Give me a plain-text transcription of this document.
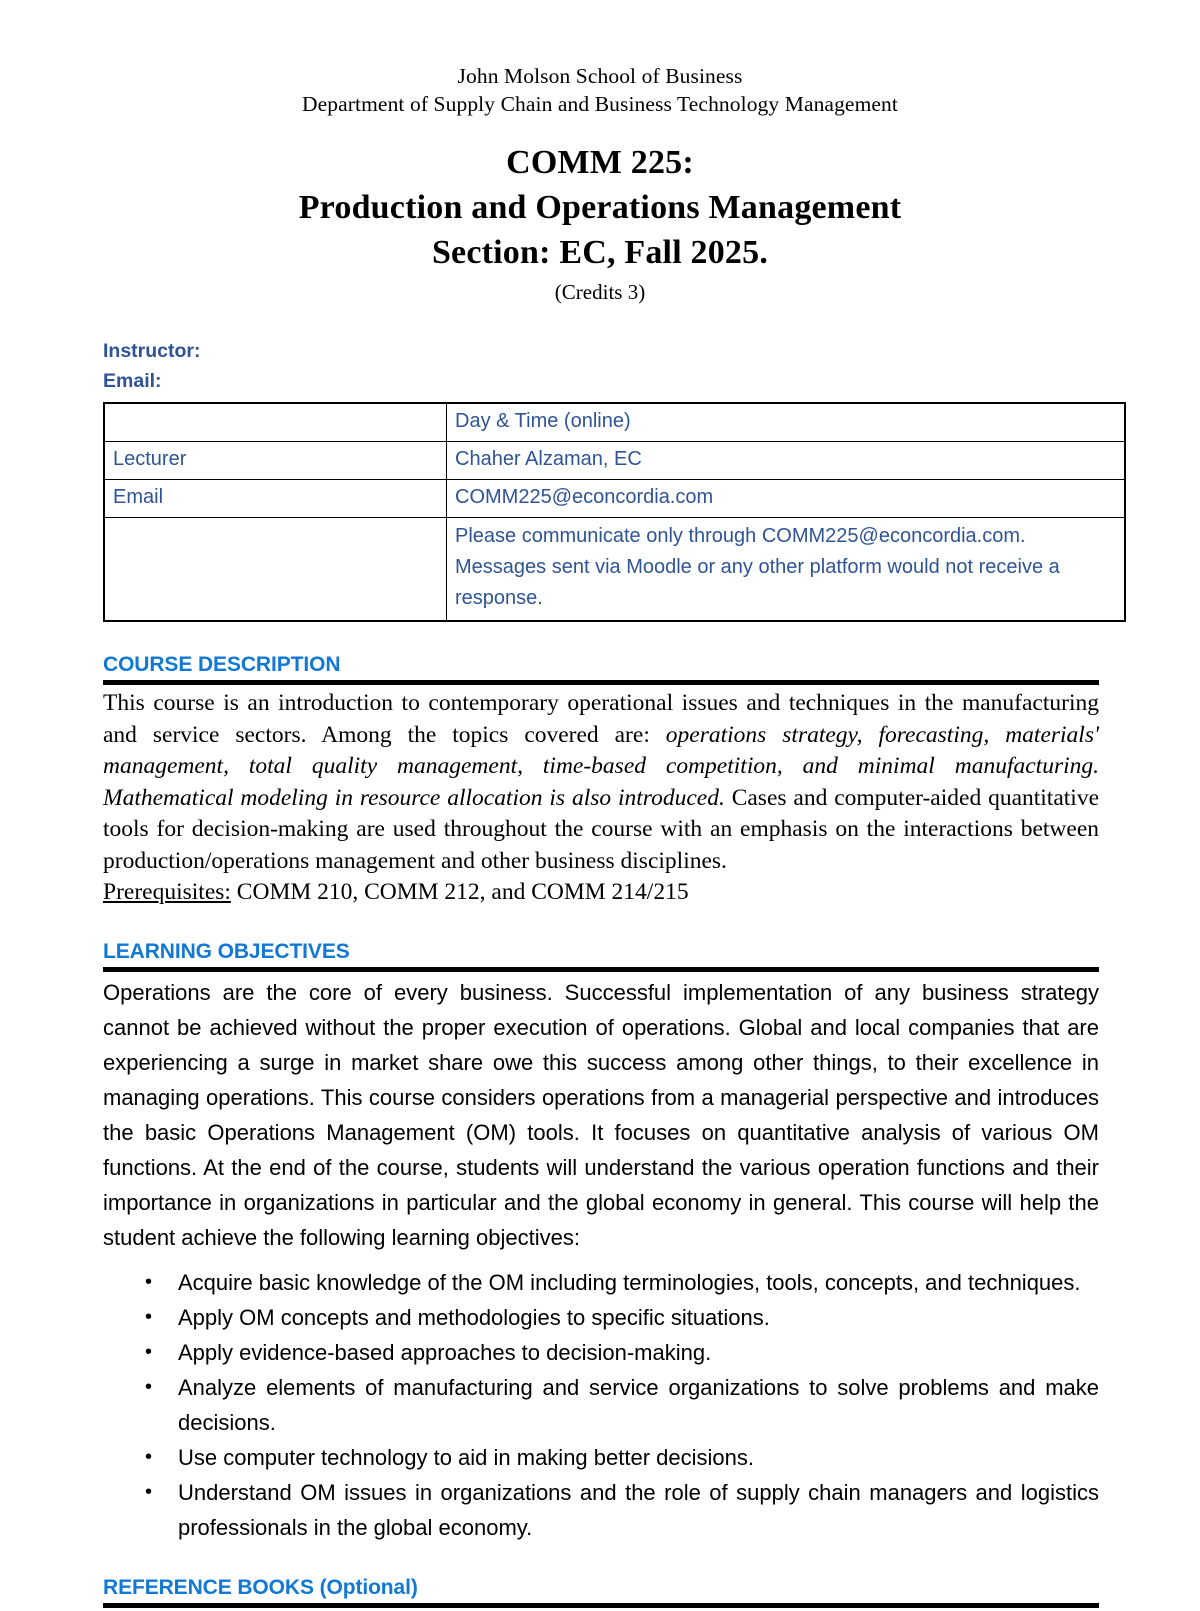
John Molson School of Business
Department of Supply Chain and Business Technology Management
COMM 225:
Production and Operations Management
Section: EC, Fall 2025.
(Credits 3)
Instructor:
Email:
	Day & Time (online)
Lecturer	Chaher Alzaman, EC
Email	COMM225@econcordia.com
	Please communicate only through COMM225@econcordia.com. Messages sent via Moodle or any other platform would not receive a response.
COURSE DESCRIPTION
This course is an introduction to contemporary operational issues and techniques in the manufacturing and service sectors. Among the topics covered are: operations strategy, forecasting, materials' management, total quality management, time-based competition, and minimal manufacturing. Mathematical modeling in resource allocation is also introduced. Cases and computer-aided quantitative tools for decision-making are used throughout the course with an emphasis on the interactions between production/operations management and other business disciplines.
Prerequisites: COMM 210, COMM 212, and COMM 214/215
LEARNING OBJECTIVES
Operations are the core of every business. Successful implementation of any business strategy cannot be achieved without the proper execution of operations. Global and local companies that are experiencing a surge in market share owe this success among other things, to their excellence in managing operations. This course considers operations from a managerial perspective and introduces the basic Operations Management (OM) tools. It focuses on quantitative analysis of various OM functions. At the end of the course, students will understand the various operation functions and their importance in organizations in particular and the global economy in general. This course will help the student achieve the following learning objectives:
• Acquire basic knowledge of the OM including terminologies, tools, concepts, and techniques.
• Apply OM concepts and methodologies to specific situations.
• Apply evidence-based approaches to decision-making.
• Analyze elements of manufacturing and service organizations to solve problems and make decisions.
• Use computer technology to aid in making better decisions.
• Understand OM issues in organizations and the role of supply chain managers and logistics professionals in the global economy.
REFERENCE BOOKS (Optional)
